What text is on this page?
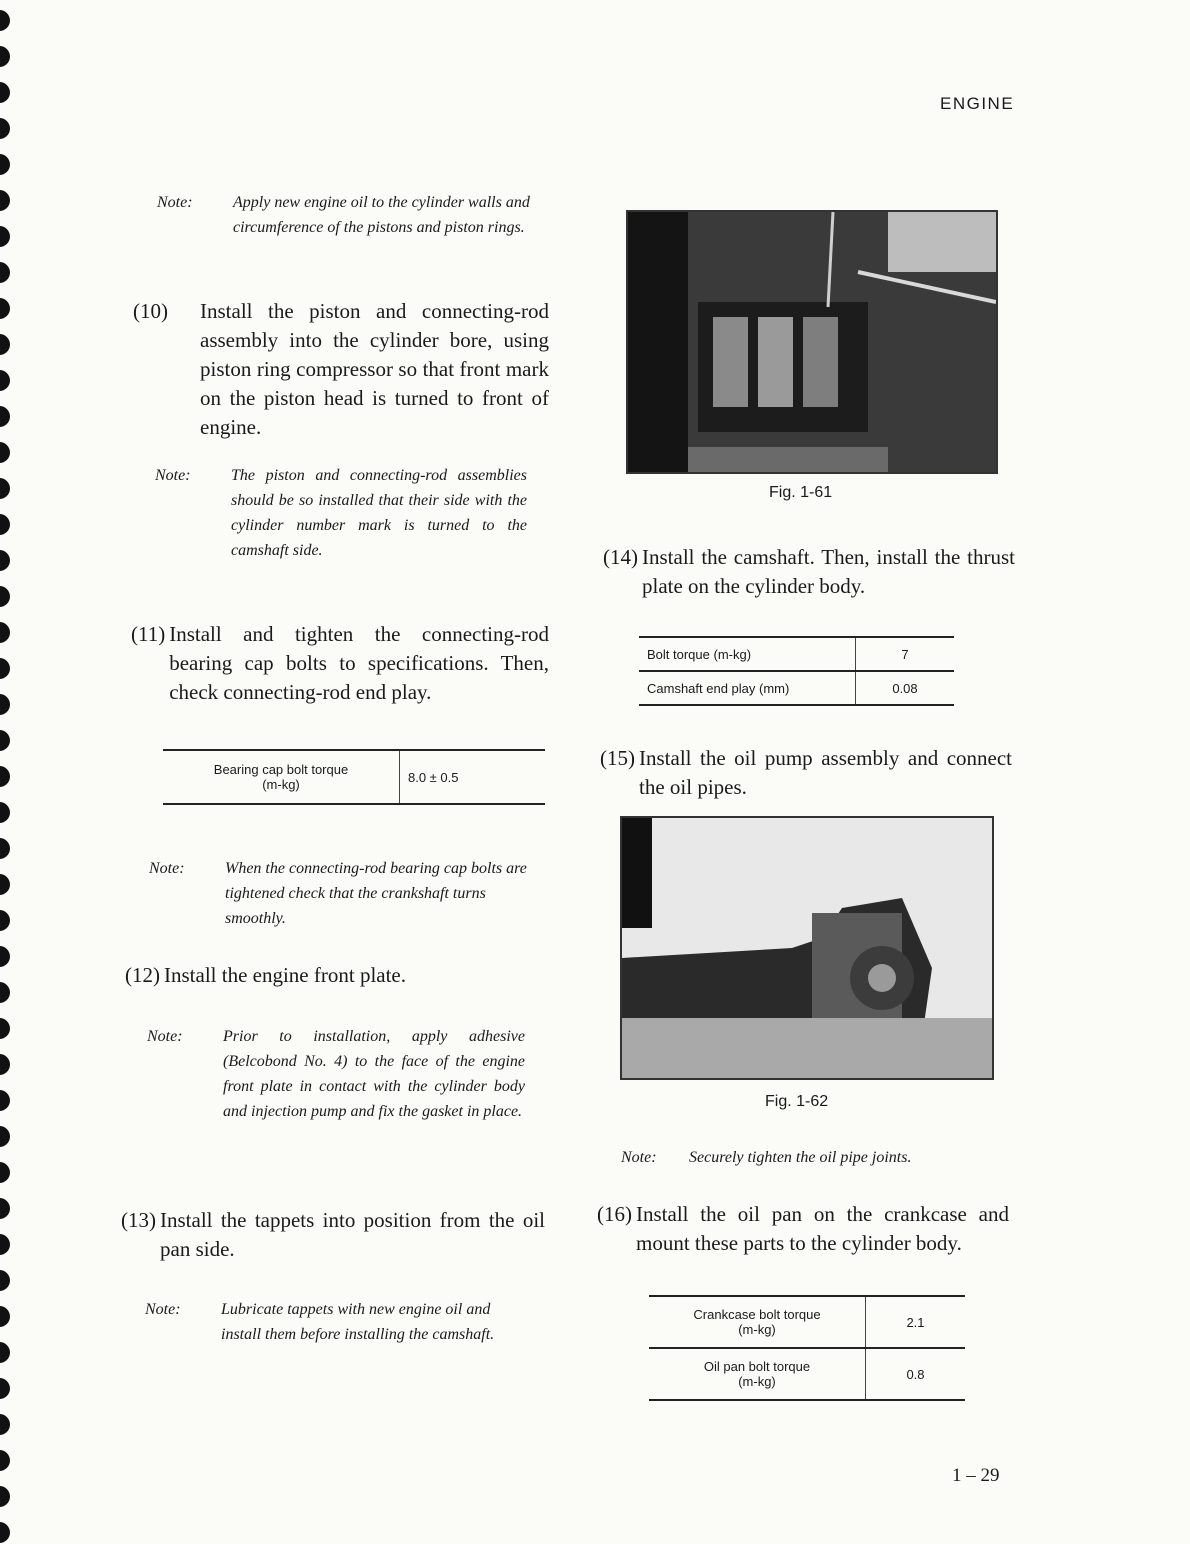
ENGINE
Note:	Apply new engine oil to the cylinder walls and circumference of the pistons and piston rings.
(10)	Install the piston and connecting-rod assembly into the cylinder bore, using piston ring compressor so that front mark on the piston head is turned to front of engine.
Note:	The piston and connecting-rod assemblies should be so installed that their side with the cylinder number mark is turned to the camshaft side.
(11) Install and tighten the connecting-rod bearing cap bolts to specifications. Then, check connecting-rod end play.
Bearing cap bolt torque
(m-kg)	8.0 ± 0.5
Note:	When the connecting-rod bearing cap bolts are tightened check that the crankshaft turns smoothly.
(12) Install the engine front plate.
Note:	Prior to installation, apply adhesive (Belcobond No. 4) to the face of the engine front plate in contact with the cylinder body and injection pump and fix the gasket in place.
(13) Install the tappets into position from the oil pan side.
Note:	Lubricate tappets with new engine oil and install them before installing the camshaft.
Fig. 1-61
(14) Install the camshaft. Then, install the thrust plate on the cylinder body.
Bolt torque (m-kg)	7
Camshaft end play (mm)	0.08
(15) Install the oil pump assembly and connect the oil pipes.
Fig. 1-62
Note:	Securely tighten the oil pipe joints.
(16) Install the oil pan on the crankcase and mount these parts to the cylinder body.
Crankcase bolt torque
(m-kg)	2.1

Oil pan bolt torque
(m-kg)	0.8
1 – 29
